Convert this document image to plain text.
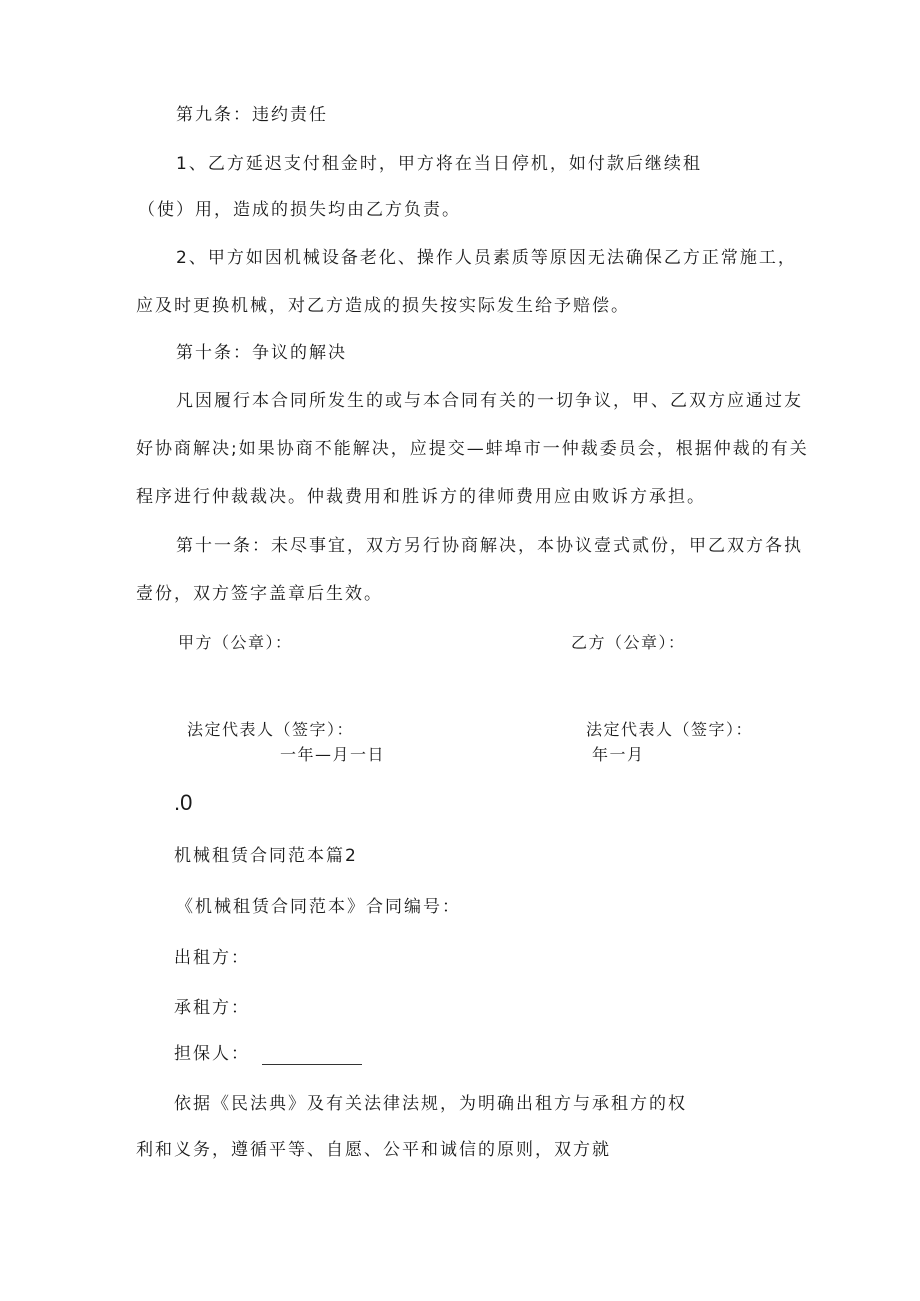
第九条：违约责任
1、乙方延迟支付租金时，甲方将在当日停机，如付款后继续租
（使）用，造成的损失均由乙方负责。
2、甲方如因机械设备老化、操作人员素质等原因无法确保乙方正常施工，
应及时更换机械，对乙方造成的损失按实际发生给予赔偿。
第十条：争议的解决
凡因履行本合同所发生的或与本合同有关的一切争议，甲、乙双方应通过友
好协商解决;如果协商不能解决，应提交—蚌埠市一仲裁委员会，根据仲裁的有关
程序进行仲裁裁决。仲裁费用和胜诉方的律师费用应由败诉方承担。
第十一条：未尽事宜，双方另行协商解决，本协议壹式贰份，甲乙双方各执
壹份，双方签字盖章后生效。
甲方（公章）：	乙方（公章）：
法定代表人（签字）：	法定代表人（签字）：
一年—月一日	年一月
.0
机械租赁合同范本篇2
《机械租赁合同范本》合同编号：
出租方：
承租方：
担保人：
依据《民法典》及有关法律法规，为明确出租方与承租方的权
利和义务，遵循平等、自愿、公平和诚信的原则，双方就
